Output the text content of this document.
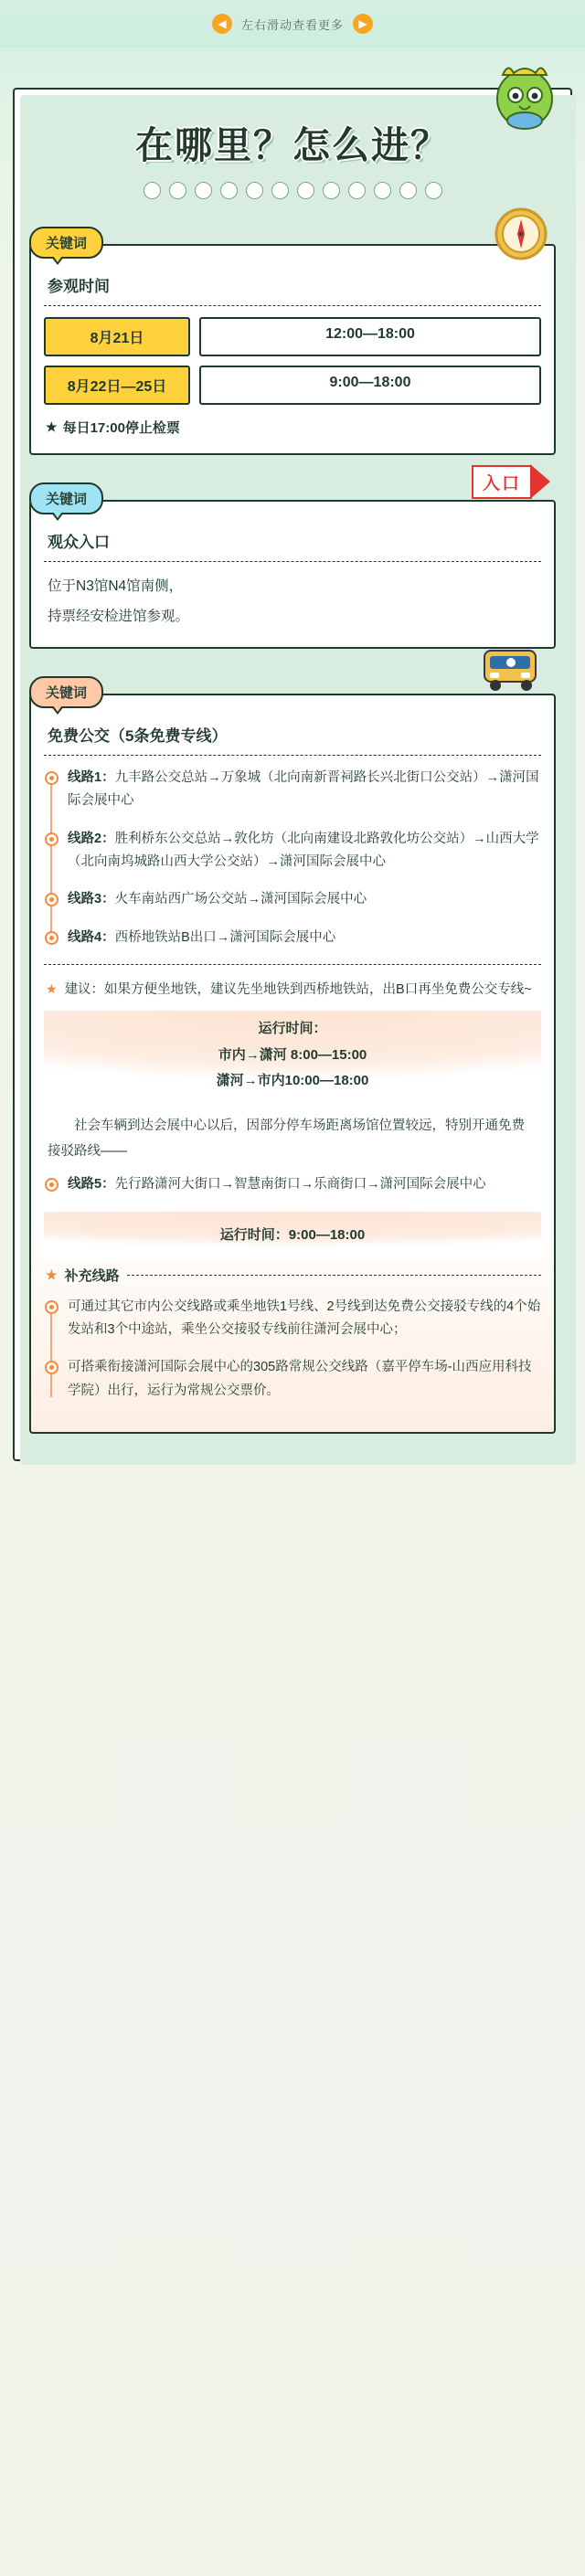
◀	左右滑动查看更多	▶
在哪里？怎么进？
关键词
参观时间
8月21日	12:00—18:00
8月22日—25日	9:00—18:00
★ 每日17:00停止检票
关键词
入口
观众入口
位于N3馆N4馆南侧，
持票经安检进馆参观。
关键词
免费公交（5条免费专线）
线路1：九丰路公交总站→万象城（北向南新晋祠路长兴北街口公交站）→潇河国际会展中心
线路2：胜利桥东公交总站→敦化坊（北向南建设北路敦化坊公交站）→山西大学（北向南坞城路山西大学公交站）→潇河国际会展中心
线路3：火车南站西广场公交站→潇河国际会展中心
线路4：西桥地铁站B出口→潇河国际会展中心
★ 建议：如果方便坐地铁，建议先坐地铁到西桥地铁站，出B口再坐免费公交专线~
运行时间：
市内→潇河 8:00—15:00
潇河→市内10:00—18:00
社会车辆到达会展中心以后，因部分停车场距离场馆位置较远，特别开通免费接驳路线——
线路5：先行路潇河大街口→智慧南街口→乐商街口→潇河国际会展中心
运行时间：9:00—18:00
★ 补充线路
可通过其它市内公交线路或乘坐地铁1号线、2号线到达免费公交接驳专线的4个始发站和3个中途站，乘坐公交接驳专线前往潇河会展中心；
可搭乘衔接潇河国际会展中心的305路常规公交线路（嘉平停车场-山西应用科技学院）出行，运行为常规公交票价。
